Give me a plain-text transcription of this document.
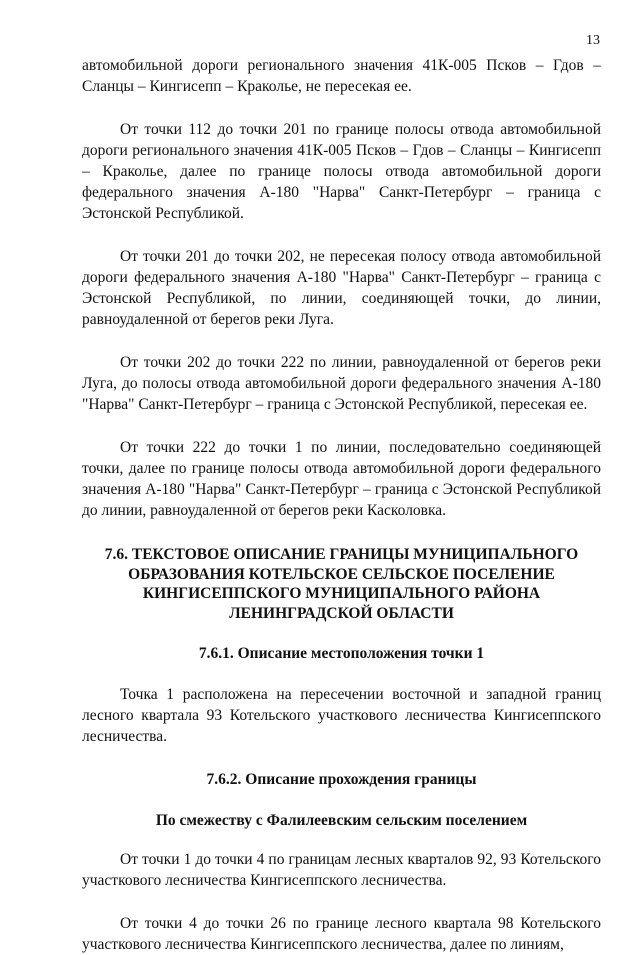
13

автомобильной дороги регионального значения 41К-005 Псков – Гдов – Сланцы – Кингисепп – Краколье, не пересекая ее.

От точки 112 до точки 201 по границе полосы отвода автомобильной дороги регионального значения 41К-005 Псков – Гдов – Сланцы – Кингисепп – Краколье, далее по границе полосы отвода автомобильной дороги федерального значения А-180 "Нарва" Санкт-Петербург – граница с Эстонской Республикой.

От точки 201 до точки 202, не пересекая полосу отвода автомобильной дороги федерального значения А-180 "Нарва" Санкт-Петербург – граница с Эстонской Республикой, по линии, соединяющей точки, до линии, равноудаленной от берегов реки Луга.

От точки 202 до точки 222 по линии, равноудаленной от берегов реки Луга, до полосы отвода автомобильной дороги федерального значения А-180 "Нарва" Санкт-Петербург – граница с Эстонской Республикой, пересекая ее.

От точки 222 до точки 1 по линии, последовательно соединяющей точки, далее по границе полосы отвода автомобильной дороги федерального значения А-180 "Нарва" Санкт-Петербург – граница с Эстонской Республикой до линии, равноудаленной от берегов реки Касколовка.

7.6. ТЕКСТОВОЕ ОПИСАНИЕ ГРАНИЦЫ МУНИЦИПАЛЬНОГО ОБРАЗОВАНИЯ КОТЕЛЬСКОЕ СЕЛЬСКОЕ ПОСЕЛЕНИЕ КИНГИСЕППСКОГО МУНИЦИПАЛЬНОГО РАЙОНА ЛЕНИНГРАДСКОЙ ОБЛАСТИ

7.6.1. Описание местоположения точки 1

Точка 1 расположена на пересечении восточной и западной границ лесного квартала 93 Котельского участкового лесничества Кингисеппского лесничества.

7.6.2. Описание прохождения границы

По смежеству с Фалилеевским сельским поселением

От точки 1 до точки 4 по границам лесных кварталов 92, 93 Котельского участкового лесничества Кингисеппского лесничества.

От точки 4 до точки 26 по границе лесного квартала 98 Котельского участкового лесничества Кингисеппского лесничества, далее по линиям,
